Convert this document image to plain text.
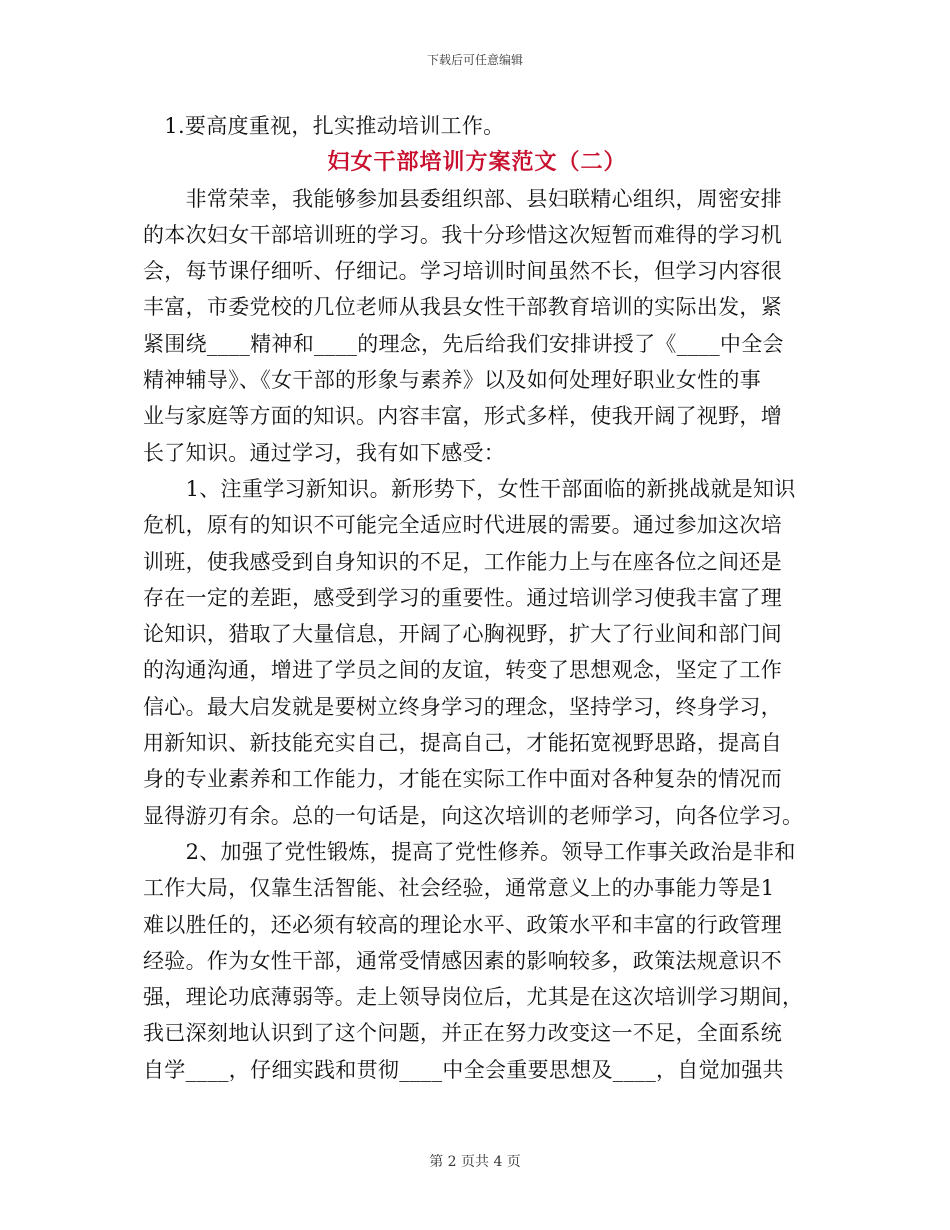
下载后可任意编辑
　1.要高度重视，扎实推动培训工作。
妇女干部培训方案范文（二）
　　非常荣幸，我能够参加县委组织部、县妇联精心组织，周密安排
的本次妇女干部培训班的学习。我十分珍惜这次短暂而难得的学习机
会，每节课仔细听、仔细记。学习培训时间虽然不长，但学习内容很
丰富，市委党校的几位老师从我县女性干部教育培训的实际出发，紧
紧围绕____精神和____的理念，先后给我们安排讲授了《____中全会
精神辅导》、《女干部的形象与素养》以及如何处理好职业女性的事
业与家庭等方面的知识。内容丰富，形式多样，使我开阔了视野，增
长了知识。通过学习，我有如下感受：
　　1、注重学习新知识。新形势下，女性干部面临的新挑战就是知识
危机，原有的知识不可能完全适应时代进展的需要。通过参加这次培
训班，使我感受到自身知识的不足，工作能力上与在座各位之间还是
存在一定的差距，感受到学习的重要性。通过培训学习使我丰富了理
论知识，猎取了大量信息，开阔了心胸视野，扩大了行业间和部门间
的沟通沟通，增进了学员之间的友谊，转变了思想观念，坚定了工作
信心。最大启发就是要树立终身学习的理念，坚持学习，终身学习，
用新知识、新技能充实自己，提高自己，才能拓宽视野思路，提高自
身的专业素养和工作能力，才能在实际工作中面对各种复杂的情况而
显得游刃有余。总的一句话是，向这次培训的老师学习，向各位学习。
　　2、加强了党性锻炼，提高了党性修养。领导工作事关政治是非和
工作大局，仅靠生活智能、社会经验，通常意义上的办事能力等是1
难以胜任的，还必须有较高的理论水平、政策水平和丰富的行政管理
经验。作为女性干部，通常受情感因素的影响较多，政策法规意识不
强，理论功底薄弱等。走上领导岗位后，尤其是在这次培训学习期间，
我已深刻地认识到了这个问题，并正在努力改变这一不足，全面系统
自学____，仔细实践和贯彻____中全会重要思想及____，自觉加强共
第 2 页共 4 页
